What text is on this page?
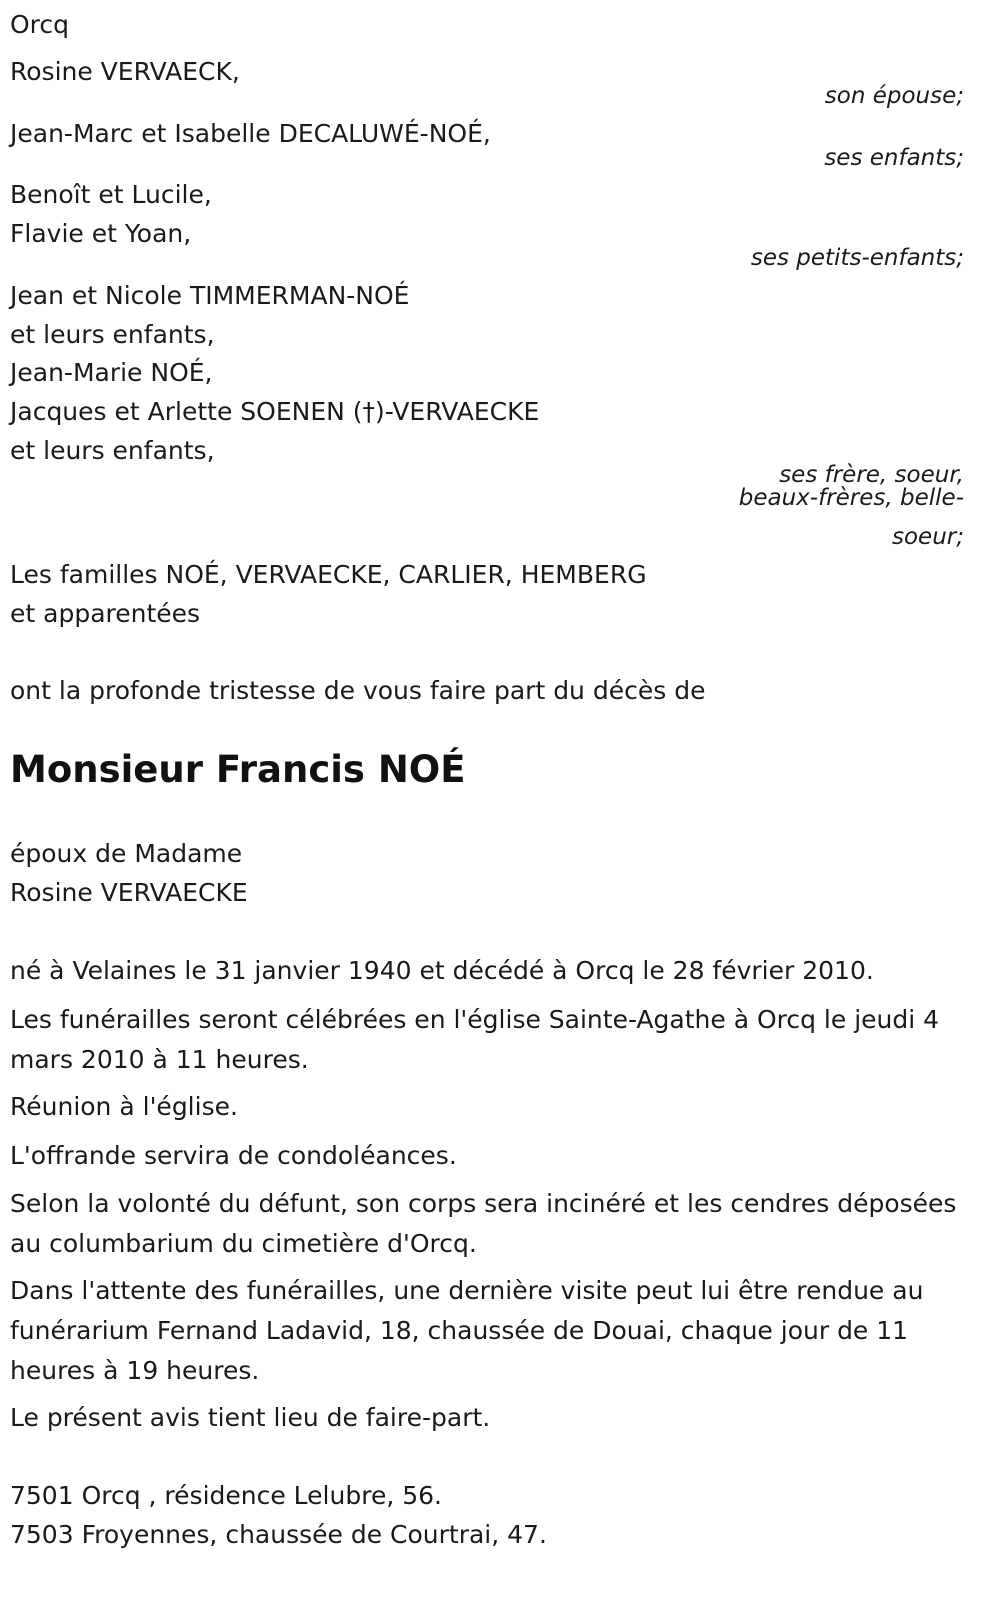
Orcq
Rosine VERVAECK,
son épouse;
Jean-Marc et Isabelle DECALUWÉ-NOÉ,
ses enfants;
Benoît et Lucile,
Flavie et Yoan,
ses petits-enfants;
Jean et Nicole TIMMERMAN-NOÉ
et leurs enfants,
Jean-Marie NOÉ,
Jacques et Arlette SOENEN (†)-VERVAECKE
et leurs enfants,
ses frère, soeur,
beaux-frères, belle-
soeur;
Les familles NOÉ, VERVAECKE, CARLIER, HEMBERG
et apparentées
ont la profonde tristesse de vous faire part du décès de
Monsieur Francis NOÉ
époux de Madame
Rosine VERVAECKE
né à Velaines le 31 janvier 1940 et décédé à Orcq le 28 février 2010.
Les funérailles seront célébrées en l'église Sainte-Agathe à Orcq le jeudi 4 mars 2010 à 11 heures.
Réunion à l'église.
L'offrande servira de condoléances.
Selon la volonté du défunt, son corps sera incinéré et les cendres déposées au columbarium du cimetière d'Orcq.
Dans l'attente des funérailles, une dernière visite peut lui être rendue au funérarium Fernand Ladavid, 18, chaussée de Douai, chaque jour de 11 heures à 19 heures.
Le présent avis tient lieu de faire-part.
7501 Orcq , résidence Lelubre, 56.
7503 Froyennes, chaussée de Courtrai, 47.
